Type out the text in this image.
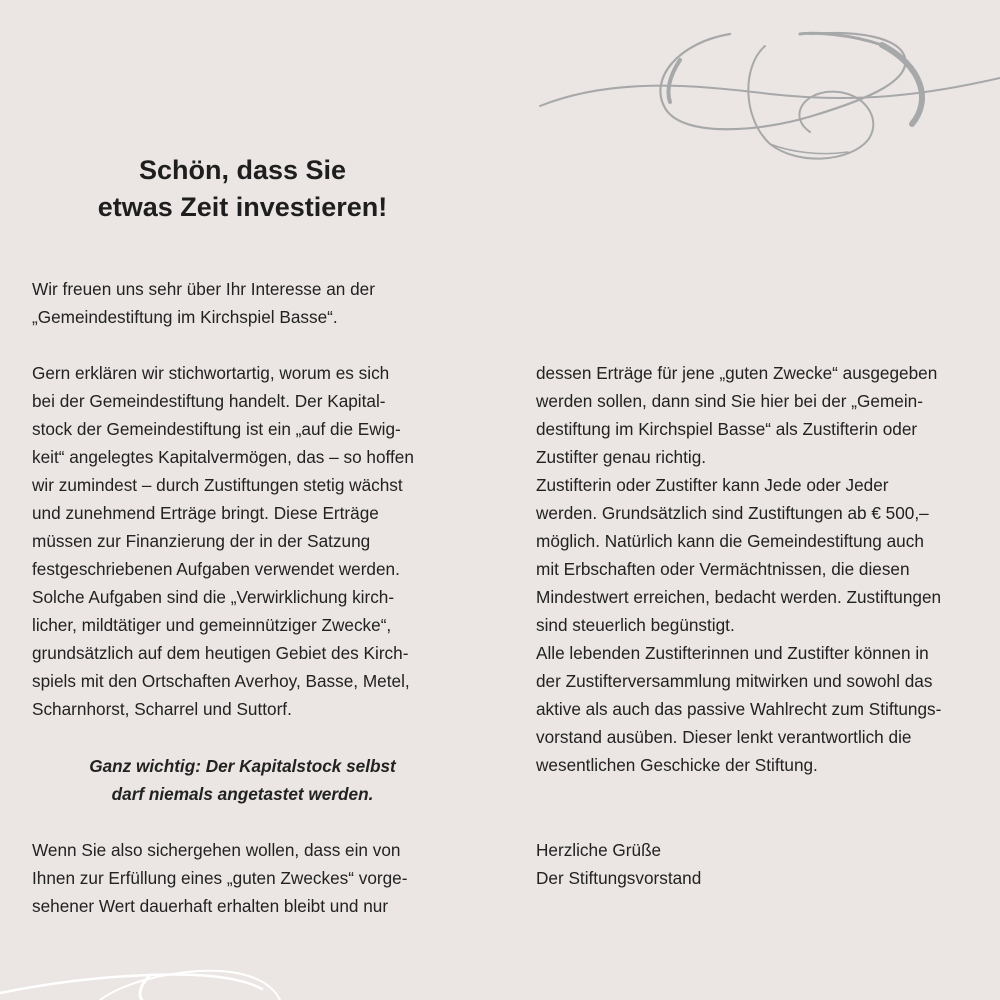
Schön, dass Sie
etwas Zeit investieren!
Wir freuen uns sehr über Ihr Interesse an der
„Gemeindestiftung im Kirchspiel Basse“.
Gern erklären wir stichwortartig, worum es sich
bei der Gemeindestiftung handelt. Der Kapital-
stock der Gemeindestiftung ist ein „auf die Ewig-
keit“ angelegtes Kapitalvermögen, das – so hoffen
wir zumindest – durch Zustiftungen stetig wächst
und zunehmend Erträge bringt. Diese Erträge
müssen zur Finanzierung der in der Satzung
festgeschriebenen Aufgaben verwendet werden.
Solche Aufgaben sind die „Verwirklichung kirch-
licher, mildtätiger und gemeinnütziger Zwecke“,
grundsätzlich auf dem heutigen Gebiet des Kirch-
spiels mit den Ortschaften Averhoy, Basse, Metel,
Scharnhorst, Scharrel und Suttorf.
Ganz wichtig: Der Kapitalstock selbst
darf niemals angetastet werden.
Wenn Sie also sichergehen wollen, dass ein von
Ihnen zur Erfüllung eines „guten Zweckes“ vorge-
sehener Wert dauerhaft erhalten bleibt und nur
dessen Erträge für jene „guten Zwecke“ ausgegeben
werden sollen, dann sind Sie hier bei der „Gemein-
destiftung im Kirchspiel Basse“ als Zustifterin oder
Zustifter genau richtig.
Zustifterin oder Zustifter kann Jede oder Jeder
werden. Grundsätzlich sind Zustiftungen ab € 500,–
möglich. Natürlich kann die Gemeindestiftung auch
mit Erbschaften oder Vermächtnissen, die diesen
Mindestwert erreichen, bedacht werden. Zustiftungen
sind steuerlich begünstigt.
Alle lebenden Zustifterinnen und Zustifter können in
der Zustifterversammlung mitwirken und sowohl das
aktive als auch das passive Wahlrecht zum Stiftungs-
vorstand ausüben. Dieser lenkt verantwortlich die
wesentlichen Geschicke der Stiftung.
Herzliche Grüße
Der Stiftungsvorstand
